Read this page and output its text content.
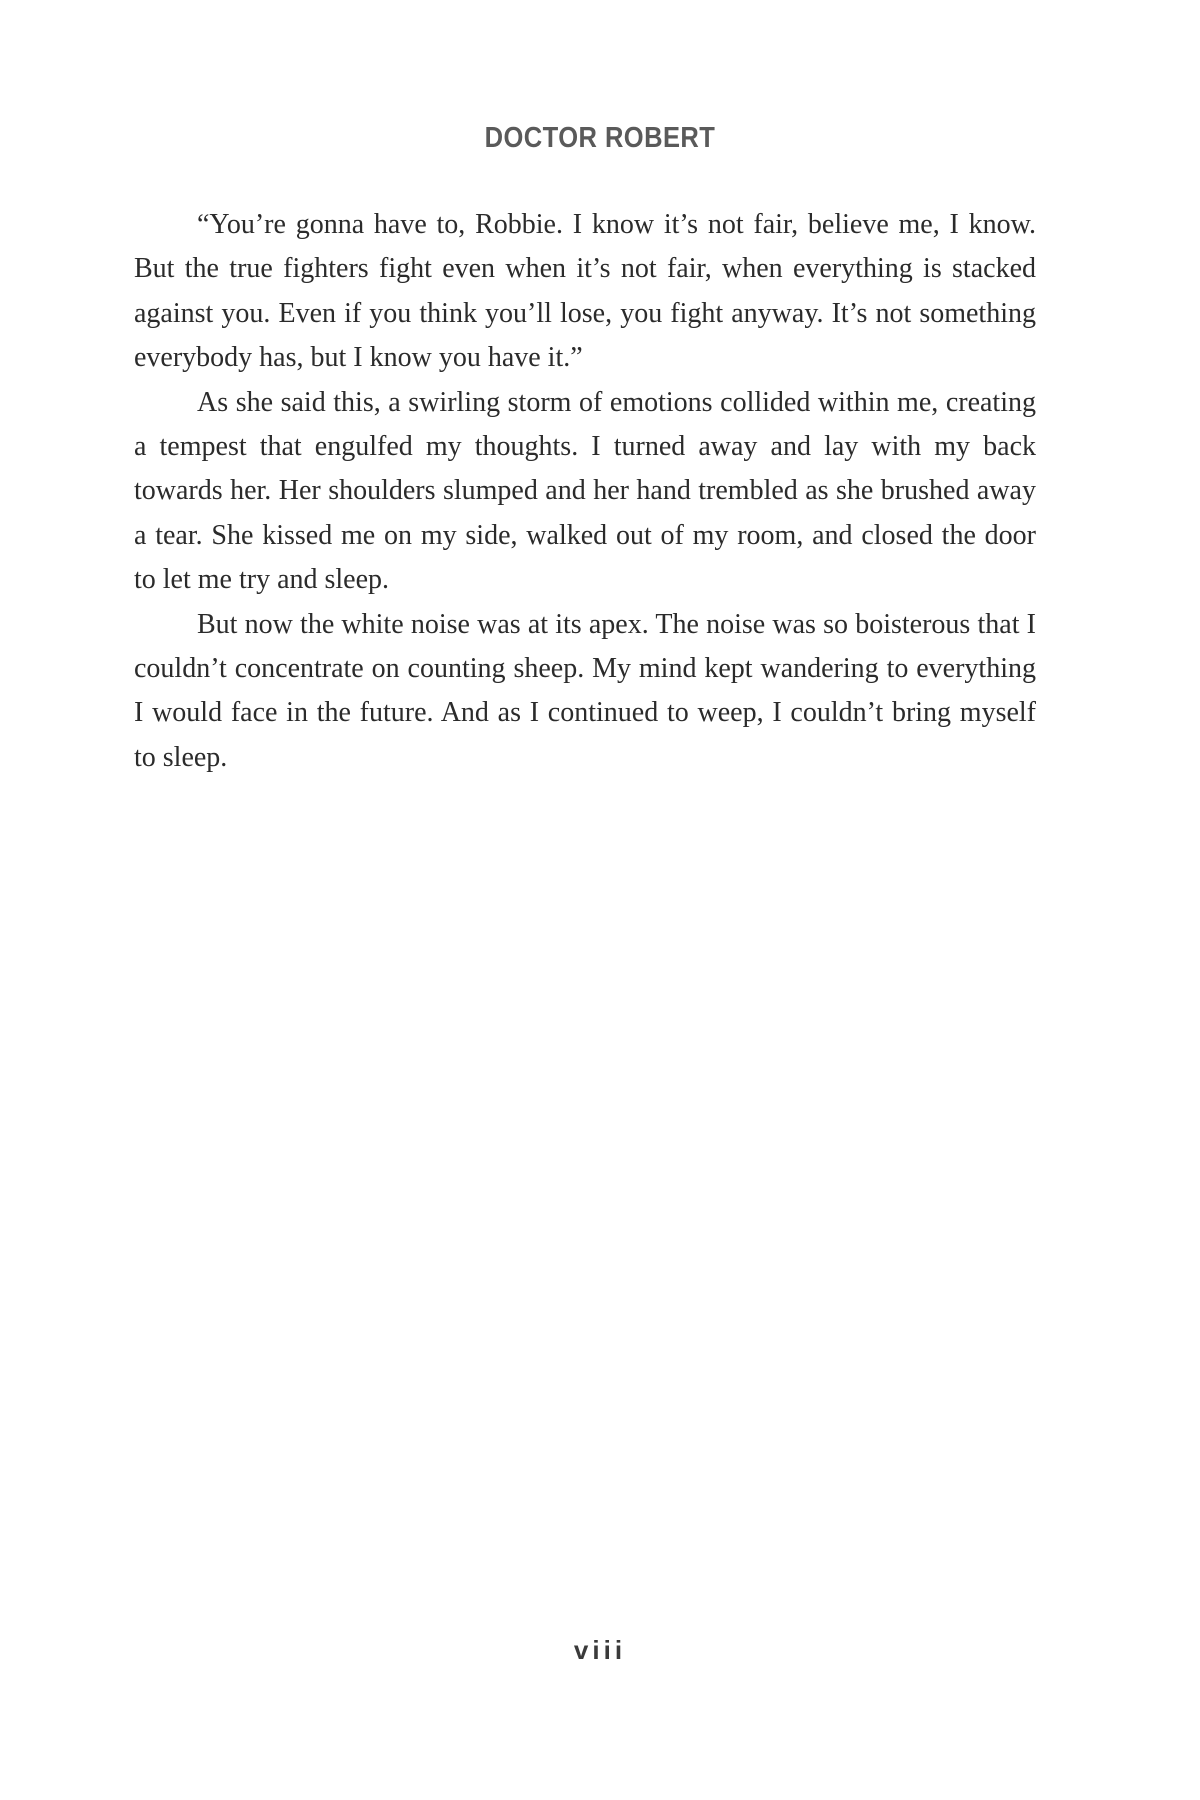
DOCTOR ROBERT

“You’re gonna have to, Robbie. I know it’s not fair, believe me, I know. But the true fighters fight even when it’s not fair, when everything is stacked against you. Even if you think you’ll lose, you fight anyway. It’s not something everybody has, but I know you have it.”

As she said this, a swirling storm of emotions collided within me, creating a tempest that engulfed my thoughts. I turned away and lay with my back towards her. Her shoulders slumped and her hand trembled as she brushed away a tear. She kissed me on my side, walked out of my room, and closed the door to let me try and sleep.

But now the white noise was at its apex. The noise was so boisterous that I couldn’t concentrate on counting sheep. My mind kept wandering to everything I would face in the future. And as I continued to weep, I couldn’t bring myself to sleep.

viii
